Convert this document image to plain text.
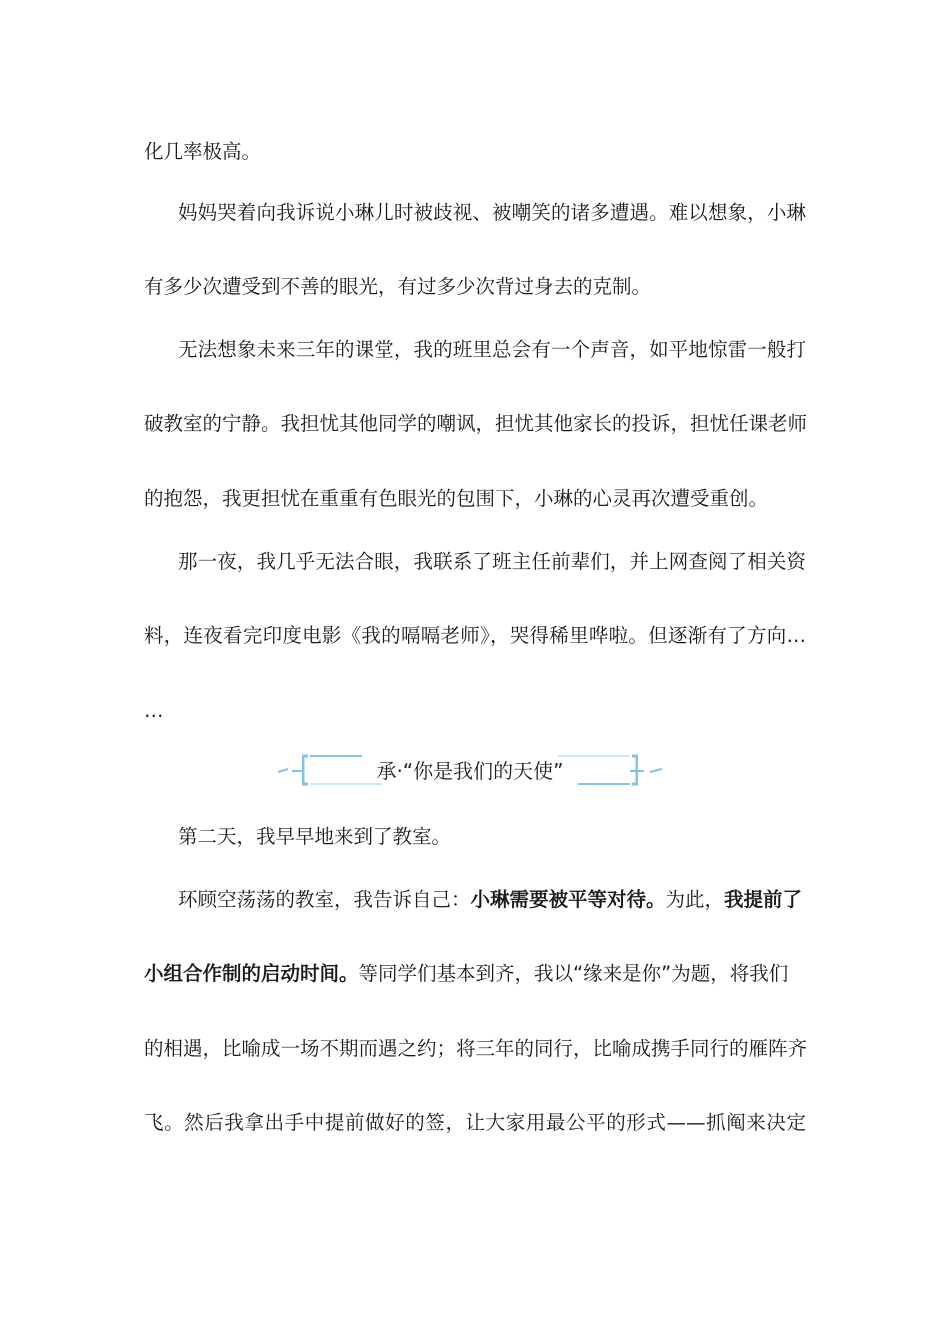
化几率极高。
妈妈哭着向我诉说小琳儿时被歧视、被嘲笑的诸多遭遇。难以想象，小琳
有多少次遭受到不善的眼光，有过多少次背过身去的克制。
无法想象未来三年的课堂，我的班里总会有一个声音，如平地惊雷一般打
破教室的宁静。我担忧其他同学的嘲讽，担忧其他家长的投诉，担忧任课老师
的抱怨，我更担忧在重重有色眼光的包围下，小琳的心灵再次遭受重创。
那一夜，我几乎无法合眼，我联系了班主任前辈们，并上网查阅了相关资
料，连夜看完印度电影《我的嗝嗝老师》，哭得稀里哗啦。但逐渐有了方向…
…
承·“你是我们的天使”
第二天，我早早地来到了教室。
环顾空荡荡的教室，我告诉自己：小琳需要被平等对待。为此，我提前了
小组合作制的启动时间。等同学们基本到齐，我以“缘来是你”为题，将我们
的相遇，比喻成一场不期而遇之约；将三年的同行，比喻成携手同行的雁阵齐
飞。然后我拿出手中提前做好的签，让大家用最公平的形式——抓阄来决定
